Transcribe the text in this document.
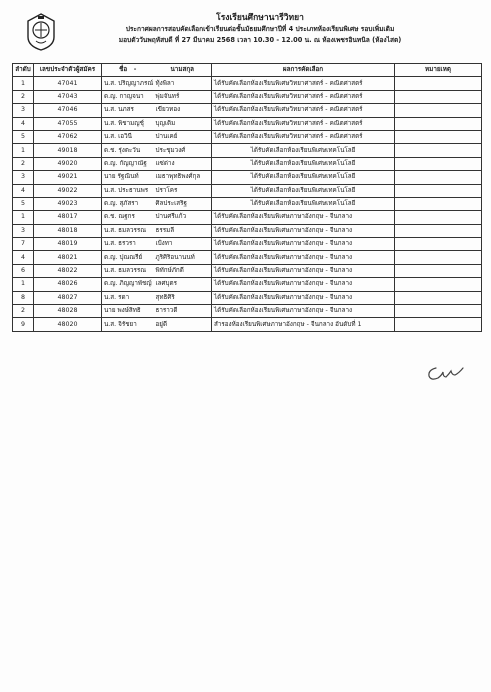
โรงเรียนศึกษานารีวิทยา
ประกาศผลการสอบคัดเลือกเข้าเรียนต่อชั้นมัธยมศึกษาปีที่ 4 ประเภทห้องเรียนพิเศษ รอบเพิ่มเติม
มอบตัววันพฤหัสบดี ที่ 27 มีนาคม 2568 เวลา 10.30 - 12.00 น. ณ ห้องเพชรอินทนิล (ห้องไสต)
ลำดับ	เลขประจำตัวผู้สมัคร	ชื่อ -	นามสกุล	ผลการคัดเลือก	หมายเหตุ
1	47041	น.ส. ปริญญาภรณ์	ทุ้งพิลา	ได้รับคัดเลือกห้องเรียนพิเศษวิทยาศาสตร์ - คณิตศาสตร์	
2	47043	ด.ญ. กาญจนา	พุ่มจันทร์	ได้รับคัดเลือกห้องเรียนพิเศษวิทยาศาสตร์ - คณิตศาสตร์	
3	47046	น.ส. นภสร	เขียวทอง	ได้รับคัดเลือกห้องเรียนพิเศษวิทยาศาสตร์ - คณิตศาสตร์	
4	47055	น.ส. พิชามญชุ์	บุญเติม	ได้รับคัดเลือกห้องเรียนพิเศษวิทยาศาสตร์ - คณิตศาสตร์	
5	47062	น.ส. เอวินี	ปานเคย์	ได้รับคัดเลือกห้องเรียนพิเศษวิทยาศาสตร์ - คณิตศาสตร์	
1	49018	ด.ช. รุ่งตะวัน	ประชุมวงศ์	ได้รับคัดเลือกห้องเรียนพิเศษเทคโนโลยี	
2	49020	ด.ญ. กัญญาณัฐ	แซ่ด่าง	ได้รับคัดเลือกห้องเรียนพิเศษเทคโนโลยี	
3	49021	นาย รัฐณินท์	เมธาพุทธิพงศ์กุล	ได้รับคัดเลือกห้องเรียนพิเศษเทคโนโลยี	
4	49022	น.ส. ประธานพร	ปราโคร	ได้รับคัดเลือกห้องเรียนพิเศษเทคโนโลยี	
5	49023	ด.ญ. สุภัสรา	ศิลประเสริฐ	ได้รับคัดเลือกห้องเรียนพิเศษเทคโนโลยี	
1	48017	ด.ช. ณฐกร	ปานศรีแก้ว	ได้รับคัดเลือกห้องเรียนพิเศษภาษาอังกฤษ - จีนกลาง	
3	48018	น.ส. ธมลวรรณ	ธรรมลี	ได้รับคัดเลือกห้องเรียนพิเศษภาษาอังกฤษ - จีนกลาง	
7	48019	น.ส. ธรวรา	เป้งทา	ได้รับคัดเลือกห้องเรียนพิเศษภาษาอังกฤษ - จีนกลาง	
4	48021	ด.ญ. ปุณณรีย์	ภูริศิริอนานนท์	ได้รับคัดเลือกห้องเรียนพิเศษภาษาอังกฤษ - จีนกลาง	
6	48022	น.ส. ธมลวรรณ	พิทักษ์ภักดี	ได้รับคัดเลือกห้องเรียนพิเศษภาษาอังกฤษ - จีนกลาง	
1	48026	ด.ญ. ภิญญาพัชญ์	เลศบุตร	ได้รับคัดเลือกห้องเรียนพิเศษภาษาอังกฤษ - จีนกลาง	
8	48027	น.ส. รดา	สุทธิศิริ	ได้รับคัดเลือกห้องเรียนพิเศษภาษาอังกฤษ - จีนกลาง	
2	48028	นาย พงษ์สิทธิ	ธาราวดี	ได้รับคัดเลือกห้องเรียนพิเศษภาษาอังกฤษ - จีนกลาง	
9	48020	น.ส. จิรัชยา	อยู่ดี	สำรองห้องเรียนพิเศษภาษาอังกฤษ - จีนกลาง อันดับที่ 1	
